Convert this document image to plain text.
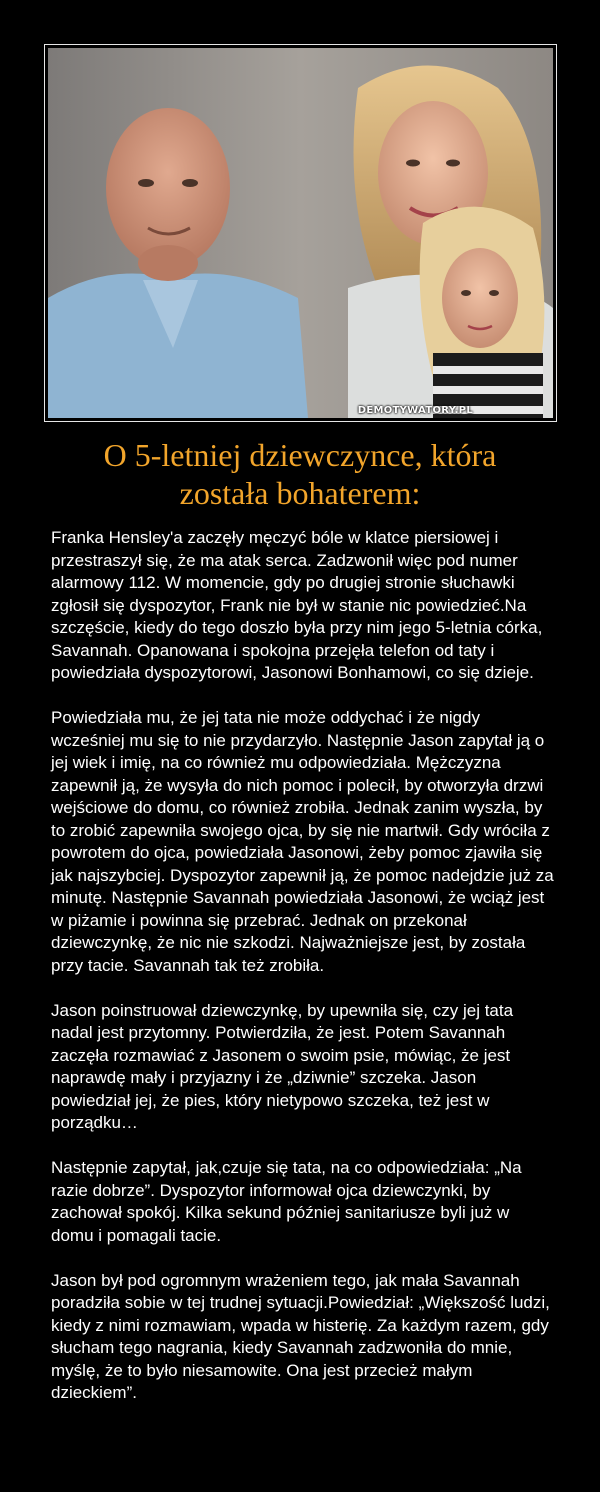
DEMOTYWATORY.PL
O 5-letniej dziewczynce, która
została bohaterem:

Franka Hensley'a zaczęły męczyć bóle w klatce piersiowej i przestraszył się, że ma atak serca. Zadzwonił więc pod numer alarmowy 112. W momencie, gdy po drugiej stronie słuchawki zgłosił się dyspozytor, Frank nie był w stanie nic powiedzieć.Na szczęście, kiedy do tego doszło była przy nim jego 5-letnia córka, Savannah. Opanowana i spokojna przejęła telefon od taty i powiedziała dyspozytorowi, Jasonowi Bonhamowi, co się dzieje.

Powiedziała mu, że jej tata nie może oddychać i że nigdy wcześniej mu się to nie przydarzyło. Następnie Jason zapytał ją o jej wiek i imię, na co również mu odpowiedziała. Mężczyzna zapewnił ją, że wysyła do nich pomoc i polecił, by otworzyła drzwi wejściowe do domu, co również zrobiła. Jednak zanim wyszła, by to zrobić zapewniła swojego ojca, by się nie martwił. Gdy wróciła z powrotem do ojca, powiedziała Jasonowi, żeby pomoc zjawiła się jak najszybciej. Dyspozytor zapewnił ją, że pomoc nadejdzie już za minutę. Następnie Savannah powiedziała Jasonowi, że wciąż jest w piżamie i powinna się przebrać. Jednak on przekonał dziewczynkę, że nic nie szkodzi. Najważniejsze jest, by została przy tacie. Savannah tak też zrobiła.

Jason poinstruował dziewczynkę, by upewniła się, czy jej tata nadal jest przytomny. Potwierdziła, że jest. Potem Savannah zaczęła rozmawiać z Jasonem o swoim psie, mówiąc, że jest naprawdę mały i przyjazny i że „dziwnie” szczeka. Jason powiedział jej, że pies, który nietypowo szczeka, też jest w porządku…

Następnie zapytał, jak,czuje się tata, na co odpowiedziała: „Na razie dobrze”. Dyspozytor informował ojca dziewczynki, by zachował spokój. Kilka sekund później sanitariusze byli już w domu i pomagali tacie.

Jason był pod ogromnym wrażeniem tego, jak mała Savannah poradziła sobie w tej trudnej sytuacji.Powiedział: „Większość ludzi, kiedy z nimi rozmawiam, wpada w histerię. Za każdym razem, gdy słucham tego nagrania, kiedy Savannah zadzwoniła do mnie, myślę, że to było niesamowite. Ona jest przecież małym dzieckiem”.
